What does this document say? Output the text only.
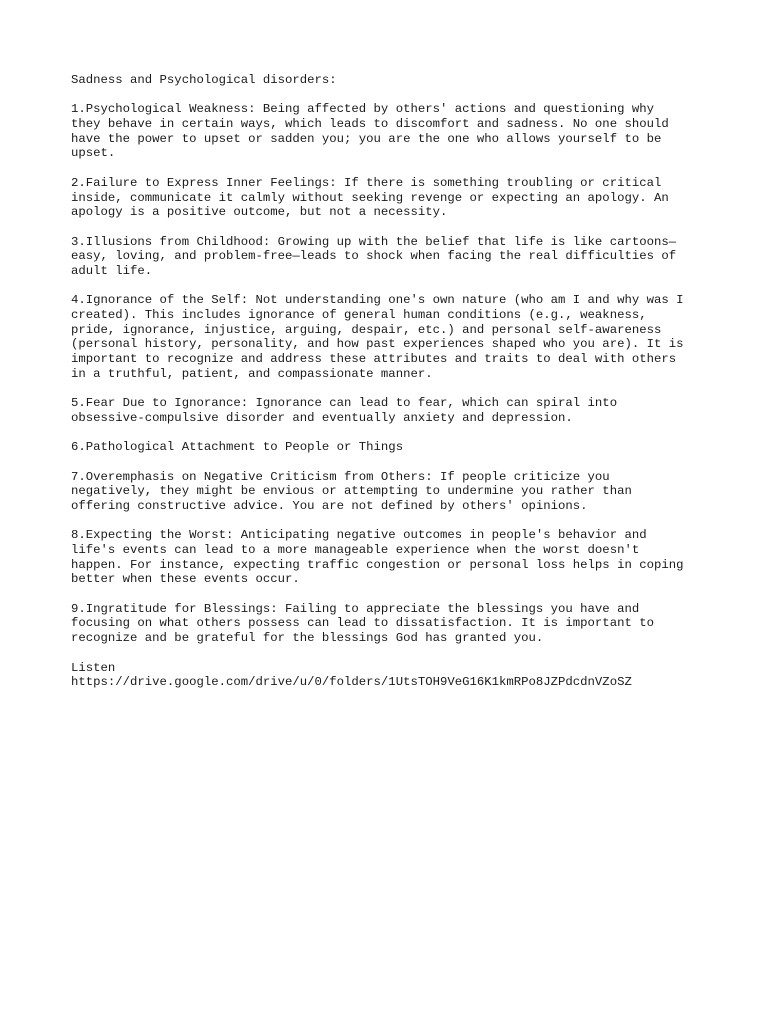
Sadness and Psychological disorders:
1.Psychological Weakness: Being affected by others' actions and questioning why
they behave in certain ways, which leads to discomfort and sadness. No one should
have the power to upset or sadden you; you are the one who allows yourself to be
upset.
2.Failure to Express Inner Feelings: If there is something troubling or critical
inside, communicate it calmly without seeking revenge or expecting an apology. An
apology is a positive outcome, but not a necessity.
3.Illusions from Childhood: Growing up with the belief that life is like cartoons—
easy, loving, and problem-free—leads to shock when facing the real difficulties of
adult life.
4.Ignorance of the Self: Not understanding one's own nature (who am I and why was I
created). This includes ignorance of general human conditions (e.g., weakness,
pride, ignorance, injustice, arguing, despair, etc.) and personal self-awareness
(personal history, personality, and how past experiences shaped who you are). It is
important to recognize and address these attributes and traits to deal with others
in a truthful, patient, and compassionate manner.
5.Fear Due to Ignorance: Ignorance can lead to fear, which can spiral into
obsessive-compulsive disorder and eventually anxiety and depression.
6.Pathological Attachment to People or Things
7.Overemphasis on Negative Criticism from Others: If people criticize you
negatively, they might be envious or attempting to undermine you rather than
offering constructive advice. You are not defined by others' opinions.
8.Expecting the Worst: Anticipating negative outcomes in people's behavior and
life's events can lead to a more manageable experience when the worst doesn't
happen. For instance, expecting traffic congestion or personal loss helps in coping
better when these events occur.
9.Ingratitude for Blessings: Failing to appreciate the blessings you have and
focusing on what others possess can lead to dissatisfaction. It is important to
recognize and be grateful for the blessings God has granted you.
Listen
https://drive.google.com/drive/u/0/folders/1UtsTOH9VeG16K1kmRPo8JZPdcdnVZoSZ
